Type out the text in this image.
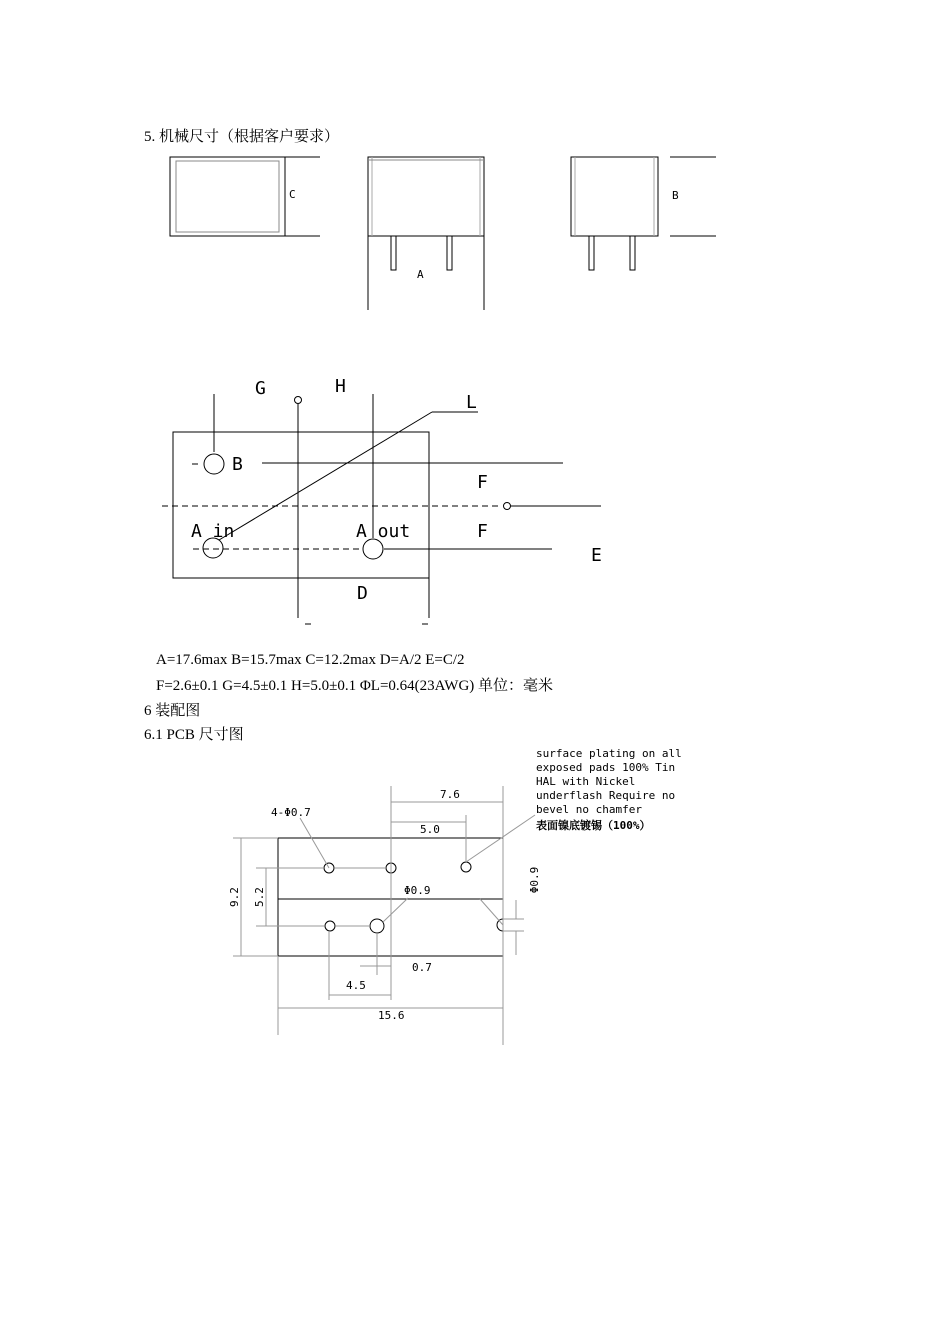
5. 机械尺寸（根据客户要求）
C
A
B
G	H
L
B
F
A in	A out	F
E
D
A=17.6max B=15.7max C=12.2max D=A/2 E=C/2
F=2.6±0.1 G=4.5±0.1 H=5.0±0.1 ΦL=0.64(23AWG) 单位：毫米
6 装配图
6.1 PCB 尺寸图
surface plating on all
exposed pads 100% Tin
HAL with Nickel
underflash Require no
bevel no chamfer
表面镍底镀锡（100%）
4-Φ0.7
7.6
5.0
Φ0.9
0.7
4.5
15.6
9.2 5.2
Φ0.9
